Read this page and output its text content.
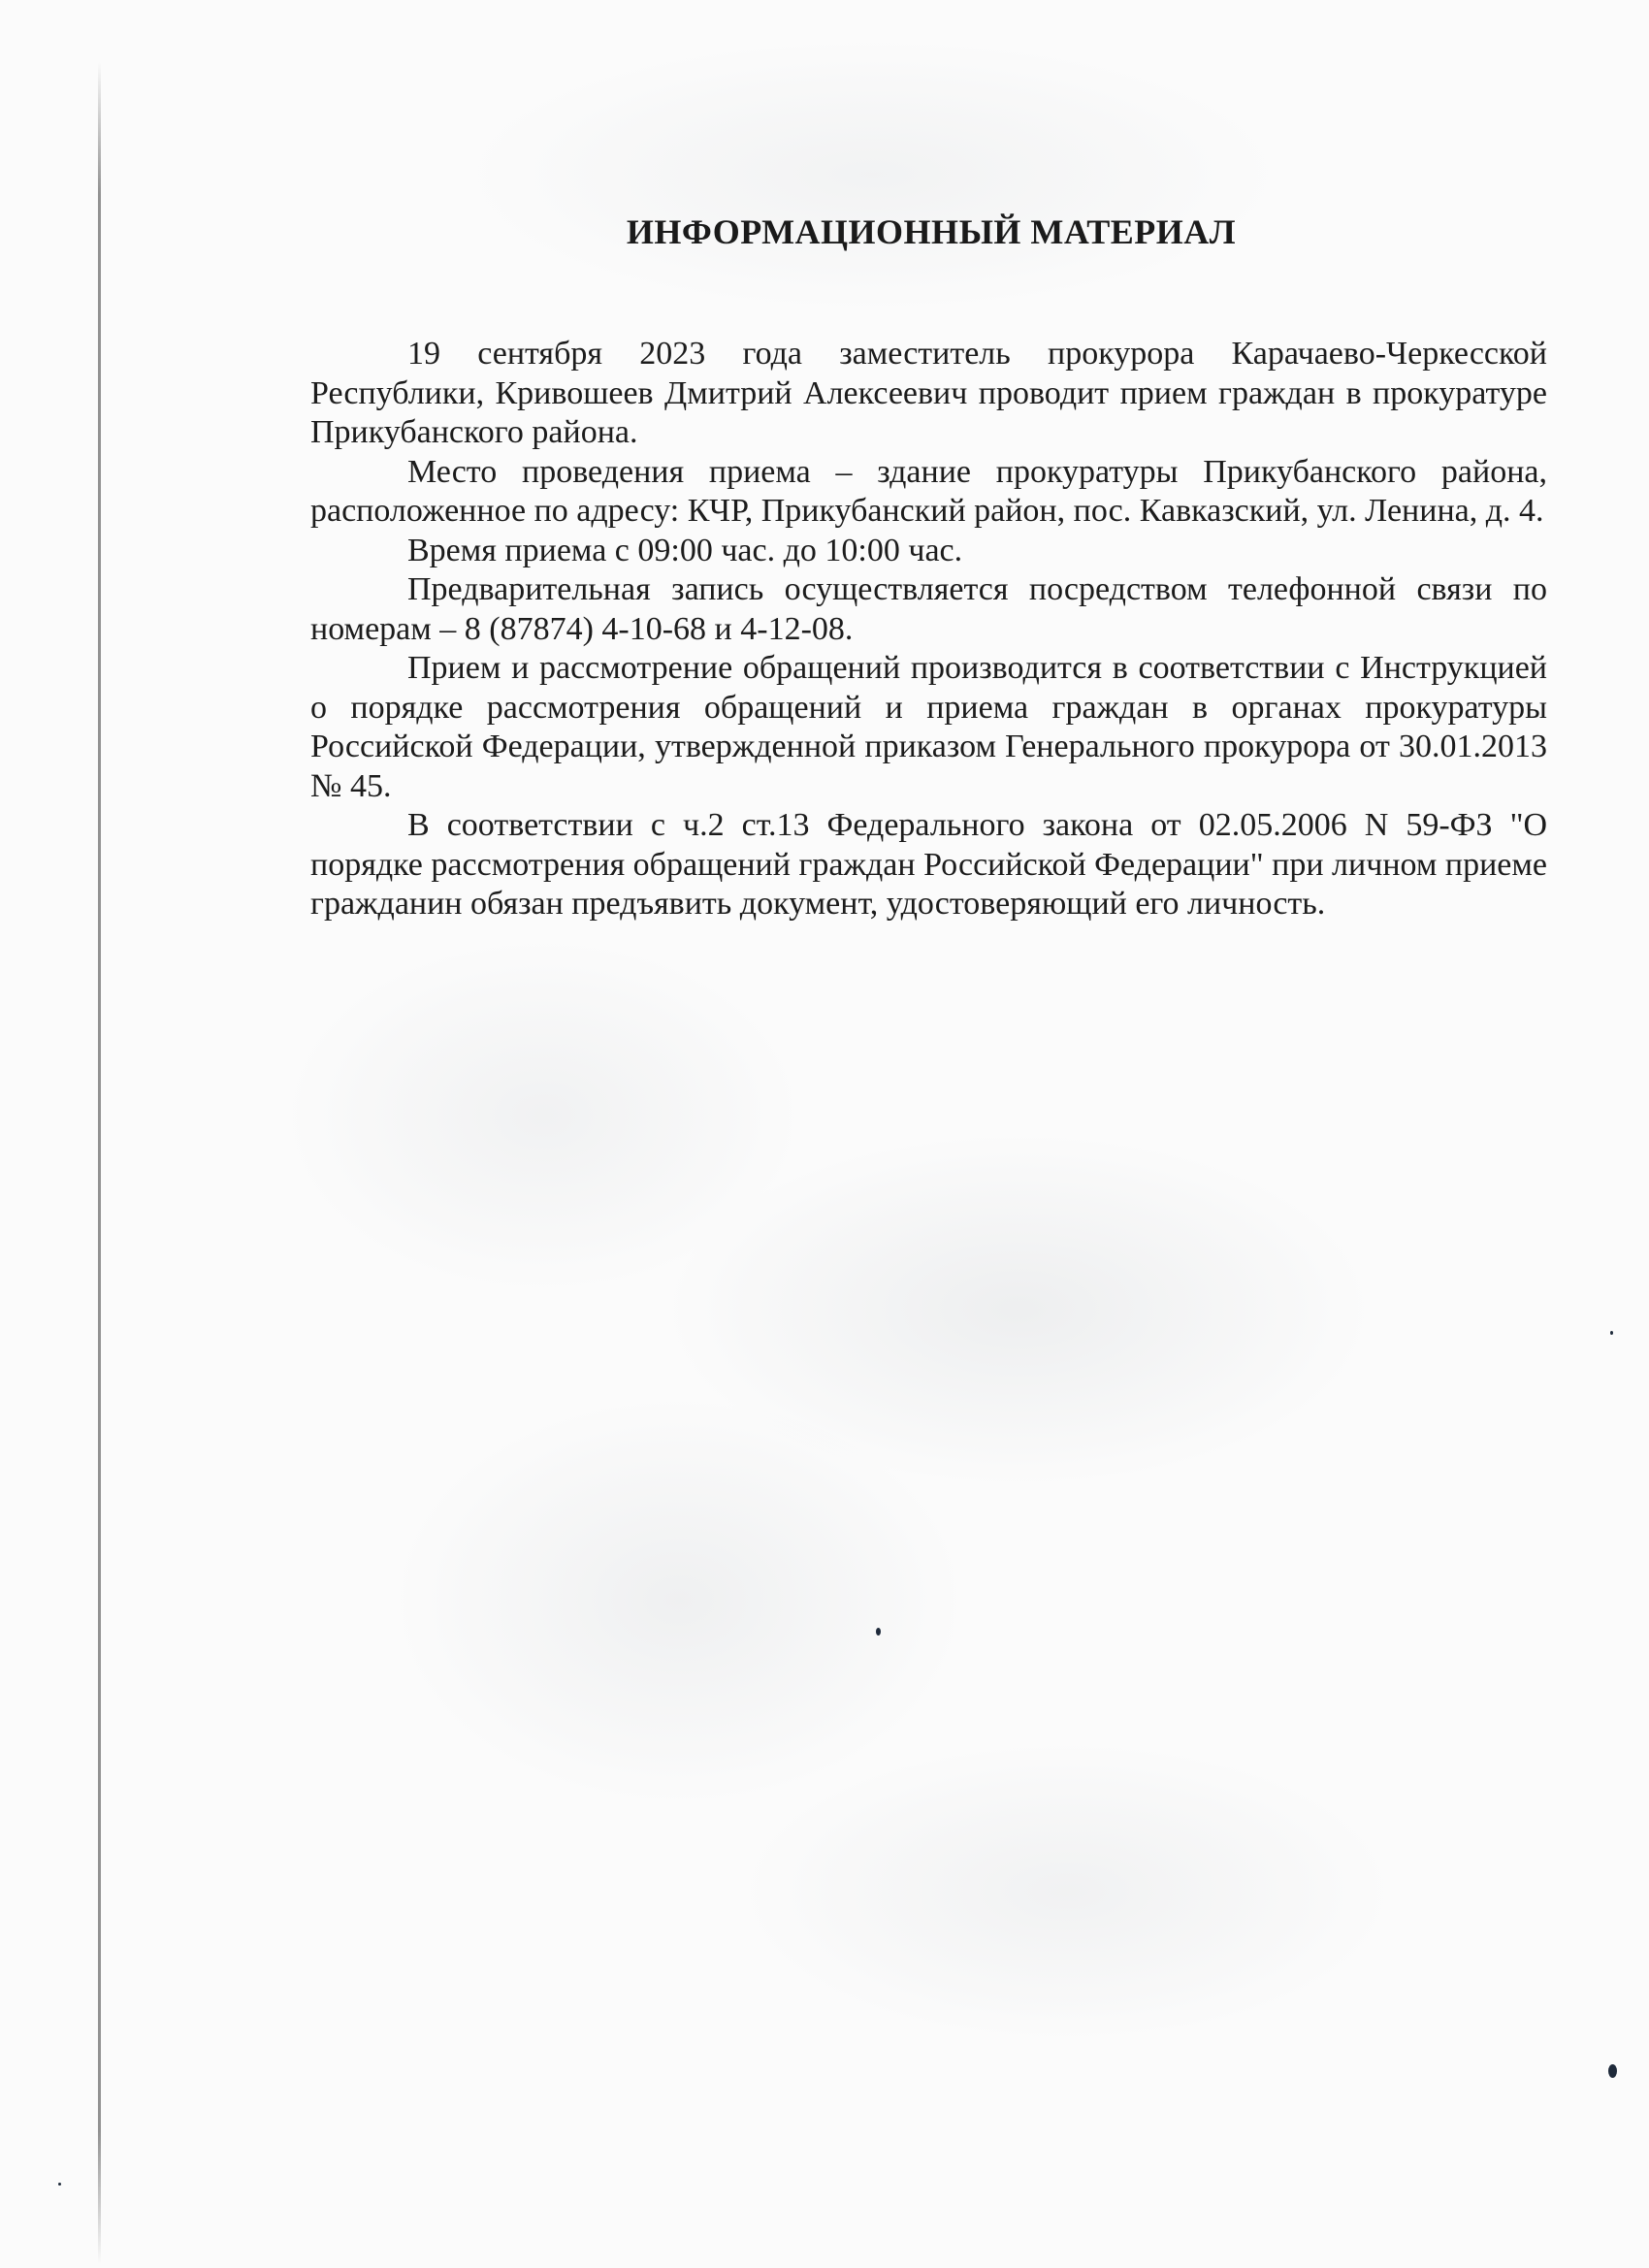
ИНФОРМАЦИОННЫЙ МАТЕРИАЛ

19 сентября 2023 года заместитель прокурора Карачаево-Черкесской Республики, Кривошеев Дмитрий Алексеевич проводит прием граждан в прокуратуре Прикубанского района.

Место проведения приема – здание прокуратуры Прикубанского района, расположенное по адресу: КЧР, Прикубанский район, пос. Кавказский, ул. Ленина, д. 4.

Время приема с 09:00 час. до 10:00 час.

Предварительная запись осуществляется посредством телефонной связи по номерам – 8 (87874) 4-10-68 и 4-12-08.

Прием и рассмотрение обращений производится в соответствии с Инструкцией о порядке рассмотрения обращений и приема граждан в органах прокуратуры Российской Федерации, утвержденной приказом Генерального прокурора от 30.01.2013 № 45.

В соответствии с ч.2 ст.13 Федерального закона от 02.05.2006 N 59-ФЗ "О порядке рассмотрения обращений граждан Российской Федерации" при личном приеме гражданин обязан предъявить документ, удостоверяющий его личность.
